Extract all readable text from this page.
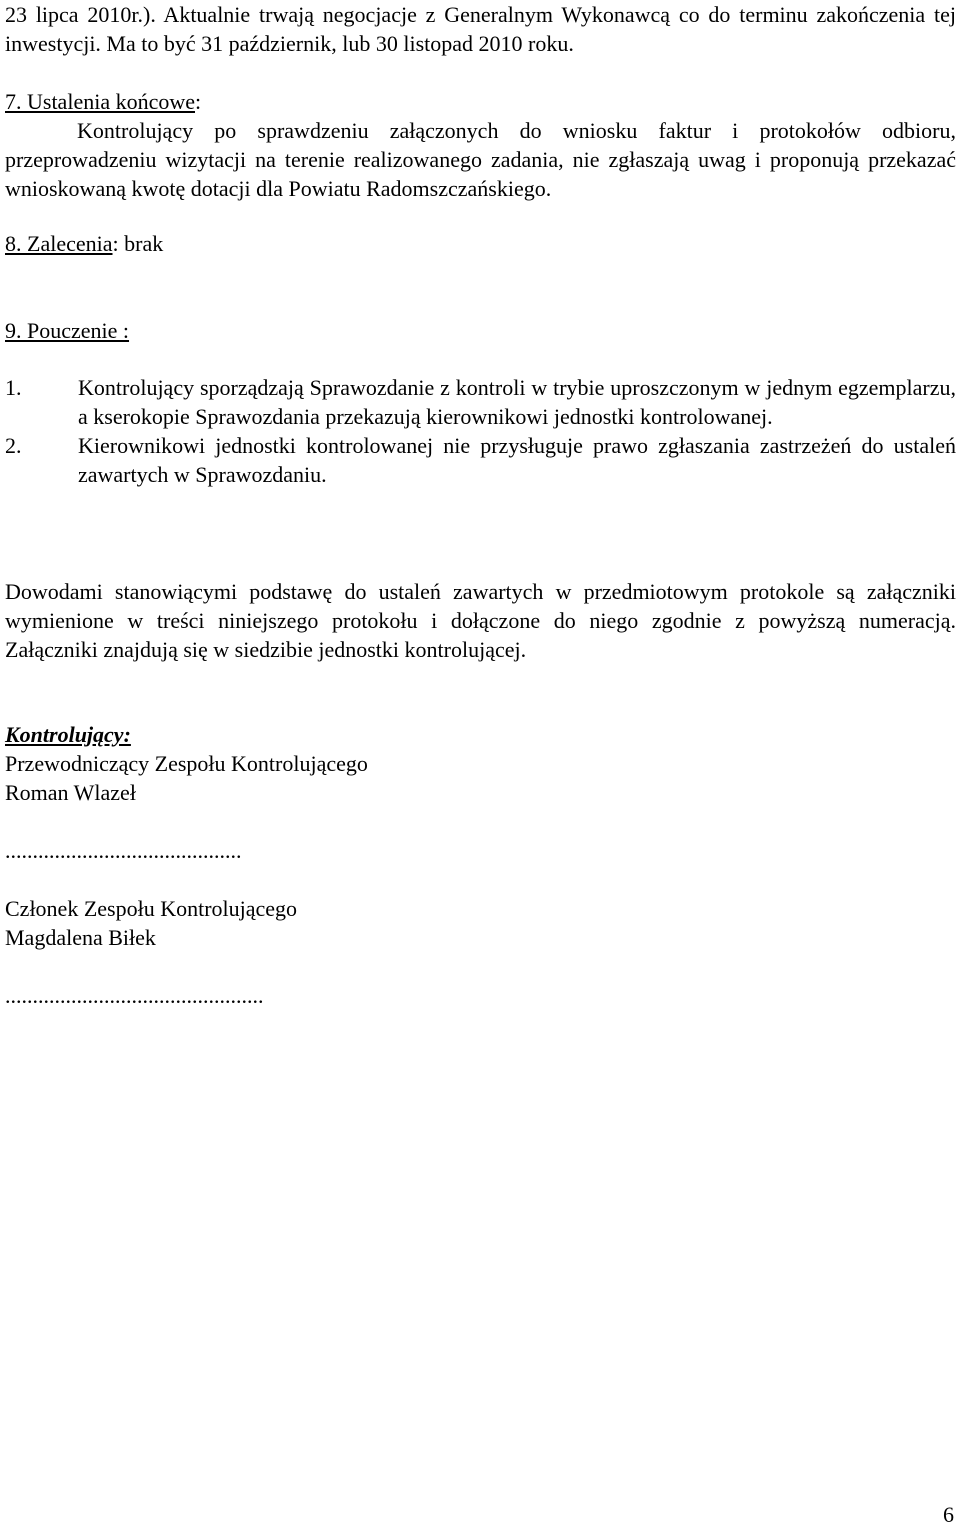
23 lipca 2010r.). Aktualnie trwają negocjacje z Generalnym Wykonawcą co do terminu zakończenia tej inwestycji. Ma to być 31 październik, lub 30 listopad 2010 roku.

7. Ustalenia końcowe:
Kontrolujący po sprawdzeniu załączonych do wniosku faktur i protokołów odbioru, przeprowadzeniu wizytacji na terenie realizowanego zadania, nie zgłaszają uwag i proponują przekazać wnioskowaną kwotę dotacji dla Powiatu Radomszczańskiego.
8. Zalecenia: brak
9. Pouczenie :
1.	Kontrolujący sporządzają Sprawozdanie z kontroli w trybie uproszczonym w jednym egzemplarzu, a kserokopie Sprawozdania przekazują kierownikowi jednostki kontrolowanej.
2.	Kierownikowi jednostki kontrolowanej nie przysługuje prawo zgłaszania zastrzeżeń do ustaleń zawartych w Sprawozdaniu.

Dowodami stanowiącymi podstawę do ustaleń zawartych w przedmiotowym protokole są załączniki wymienione w treści niniejszego protokołu i dołączone do niego zgodnie z powyższą numeracją. Załączniki znajdują się w siedzibie jednostki kontrolującej.

Kontrolujący:
Przewodniczący Zespołu Kontrolującego
Roman Wlazeł
...........................................
Członek Zespołu Kontrolującego
Magdalena Biłek
...............................................
6
